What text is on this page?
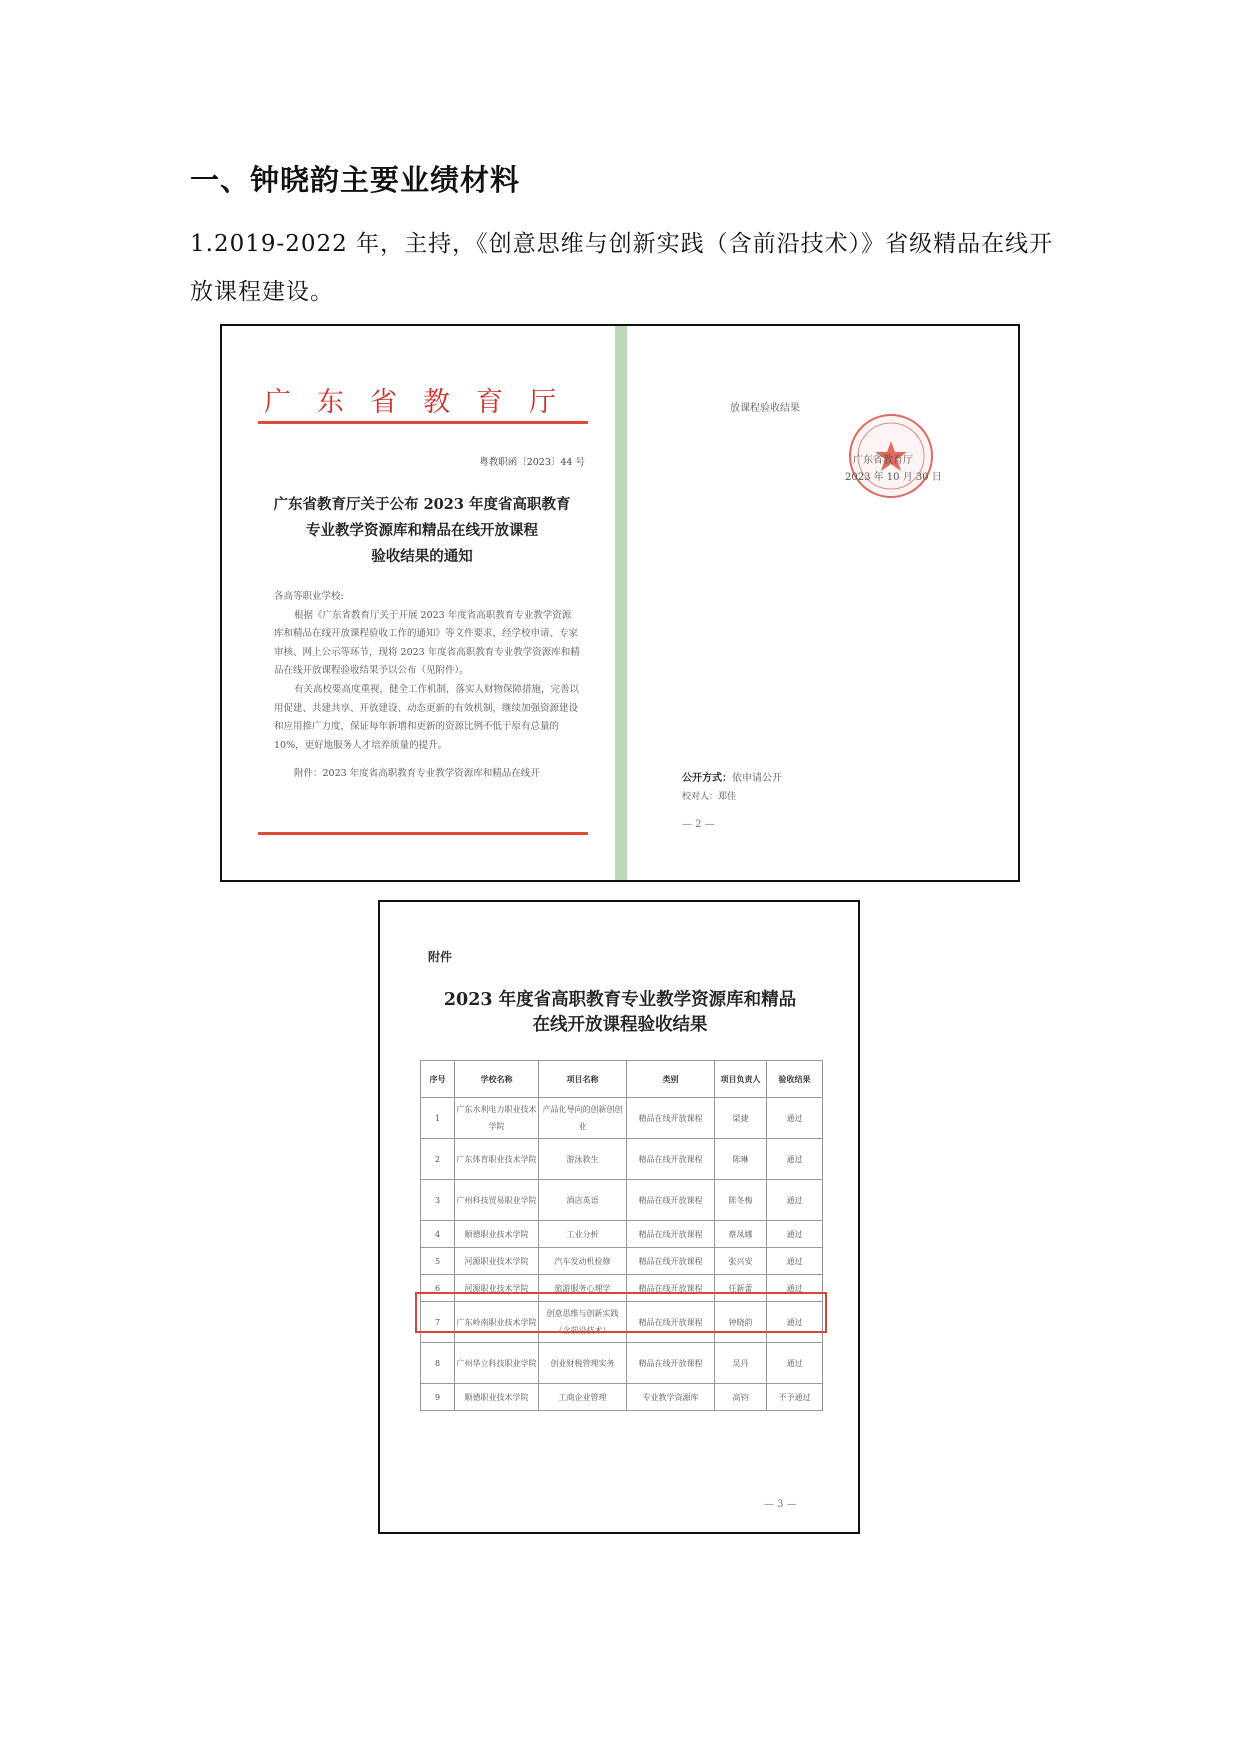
一、钟晓韵主要业绩材料

1.2019-2022 年，主持，《创意思维与创新实践（含前沿技术）》省级精品在线开放课程建设。

广东省教育厅
粤教职函〔2023〕44 号
广东省教育厅关于公布 2023 年度省高职教育
专业教学资源库和精品在线开放课程
验收结果的通知

各高等职业学校:

根据《广东省教育厅关于开展 2023 年度省高职教育专业教学资源库和精品在线开放课程验收工作的通知》等文件要求，经学校申请、专家审核、网上公示等环节，现将 2023 年度省高职教育专业教学资源库和精品在线开放课程验收结果予以公布（见附件）。

有关高校要高度重视，健全工作机制，落实人财物保障措施，完善以用促建、共建共享、开放建设、动态更新的有效机制，继续加强资源建设和应用推广力度，保证每年新增和更新的资源比例不低于原有总量的 10%，更好地服务人才培养质量的提升。

附件：2023 年度省高职教育专业教学资源库和精品在线开

放课程验收结果
广东省教育厅
2023 年 10 月 30 日
公开方式：依申请公开
校对人：郑佳
— 2 —
附件
2023 年度省高职教育专业教学资源库和精品
在线开放课程验收结果
序号	学校名称	项目名称	类别	项目负责人	验收结果
1	广东水利电力职业技术学院	产品化导向的创新创创业	精品在线开放课程	梁捷	通过
2	广东体育职业技术学院	游泳救生	精品在线开放课程	陈琳	通过
3	广州科技贸易职业学院	酒店英语	精品在线开放课程	陈冬梅	通过
4	顺德职业技术学院	工业分析	精品在线开放课程	蔡凤娜	通过
5	河源职业技术学院	汽车发动机检修	精品在线开放课程	张兴安	通过
6	河源职业技术学院	旅游服务心理学	精品在线开放课程	任新蕾	通过
7	广东岭南职业技术学院	创意思维与创新实践（含前沿技术）	精品在线开放课程	钟晓韵	通过
8	广州华立科技职业学院	创业财税管理实务	精品在线开放课程	吴丹	通过
9	顺德职业技术学院	工商企业管理	专业教学资源库	高钧	不予通过
— 3 —
